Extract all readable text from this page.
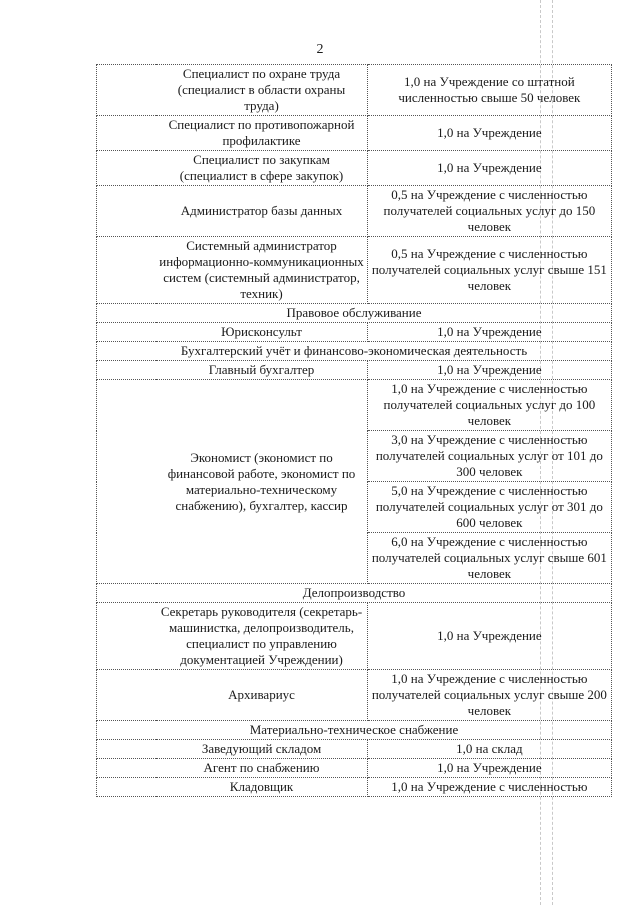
2
	Специалист по охране труда (специалист в области охраны труда)	1,0 на Учреждение со штатной численностью свыше 50 человек
	Специалист по противопожарной профилактике	1,0 на Учреждение
	Специалист по закупкам (специалист в сфере закупок)	1,0 на Учреждение
	Администратор базы данных	0,5 на Учреждение с численностью получателей социальных услуг до 150 человек
	Системный администратор информационно-коммуникационных систем (системный администратор, техник)	0,5 на Учреждение с численностью получателей социальных услуг свыше 151 человек
Правовое обслуживание		
	Юрисконсульт	1,0 на Учреждение
Бухгалтерский учёт и финансово-экономическая деятельность		
	Главный бухгалтер	1,0 на Учреждение
	Экономист (экономист по финансовой работе, экономист по материально-техническому снабжению), бухгалтер, кассир	1,0 на Учреждение с численностью получателей социальных услуг до 100 человек
		3,0 на Учреждение с численностью получателей социальных услуг от 101 до 300 человек
		5,0 на Учреждение с численностью получателей социальных услуг от 301 до 600 человек
		6,0 на Учреждение с численностью получателей социальных услуг свыше 601 человек
Делопроизводство		
	Секретарь руководителя (секретарь-машинистка, делопроизводитель, специалист по управлению документацией Учреждении)	1,0 на Учреждение
	Архивариус	1,0 на Учреждение с численностью получателей социальных услуг свыше 200 человек
Материально-техническое снабжение		
	Заведующий складом	1,0 на склад
	Агент по снабжению	1,0 на Учреждение
	Кладовщик	1,0 на Учреждение с численностью
